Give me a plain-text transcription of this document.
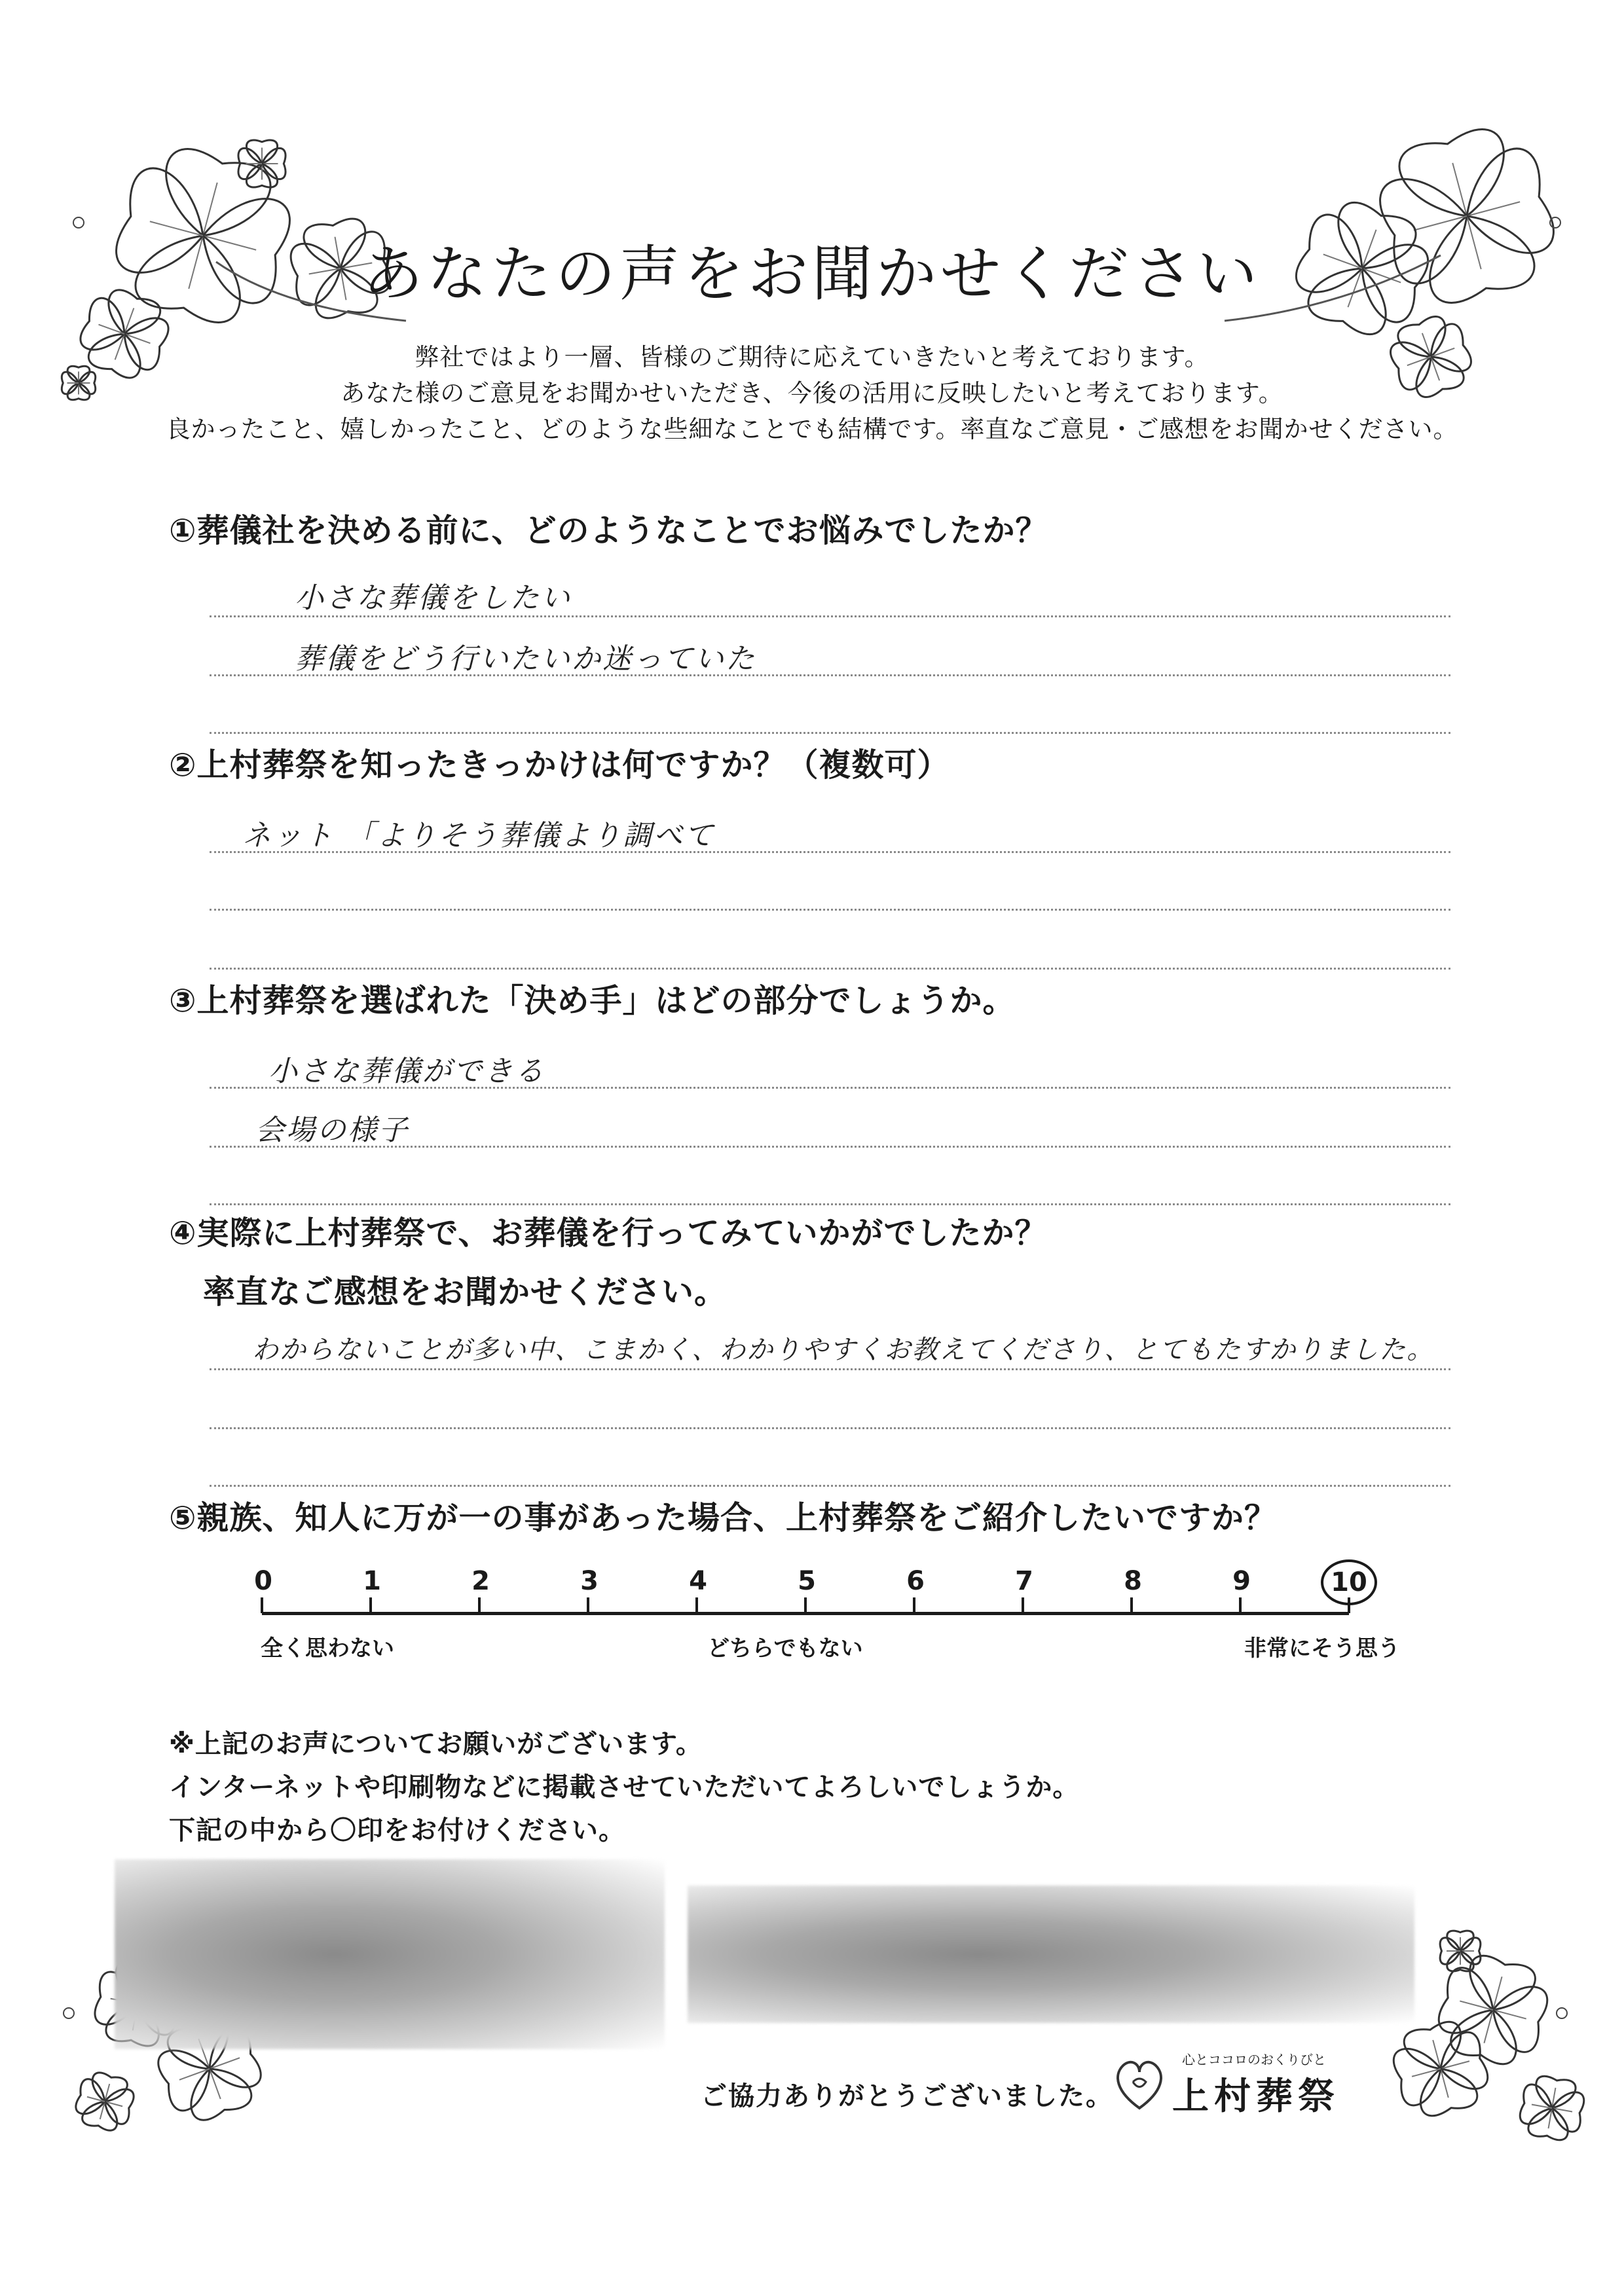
あなたの声をお聞かせください
弊社ではより一層、皆様のご期待に応えていきたいと考えております。
あなた様のご意見をお聞かせいただき、今後の活用に反映したいと考えております。
良かったこと、嬉しかったこと、どのような些細なことでも結構です。率直なご意見・ご感想をお聞かせください。
①葬儀社を決める前に、どのようなことでお悩みでしたか？
小さな葬儀をしたい
葬儀をどう行いたいか迷っていた
②上村葬祭を知ったきっかけは何ですか？（複数可）
ネット 「よりそう葬儀より調べて
③上村葬祭を選ばれた「決め手」はどの部分でしょうか。
小さな葬儀ができる
会場の様子
④実際に上村葬祭で、お葬儀を行ってみていかがでしたか？
率直なご感想をお聞かせください。
わからないことが多い中、こまかく、わかりやすくお教えてくださり、とてもたすかりました。
⑤親族、知人に万が一の事があった場合、上村葬祭をご紹介したいですか？
0	1	2	3	4	5	6	7	8	9	10
全く思わない	どちらでもない	非常にそう思う
※上記のお声についてお願いがございます。
インターネットや印刷物などに掲載させていただいてよろしいでしょうか。
下記の中から〇印をお付けください。
ご協力ありがとうございました。
心とココロのおくりびと
上村葬祭
